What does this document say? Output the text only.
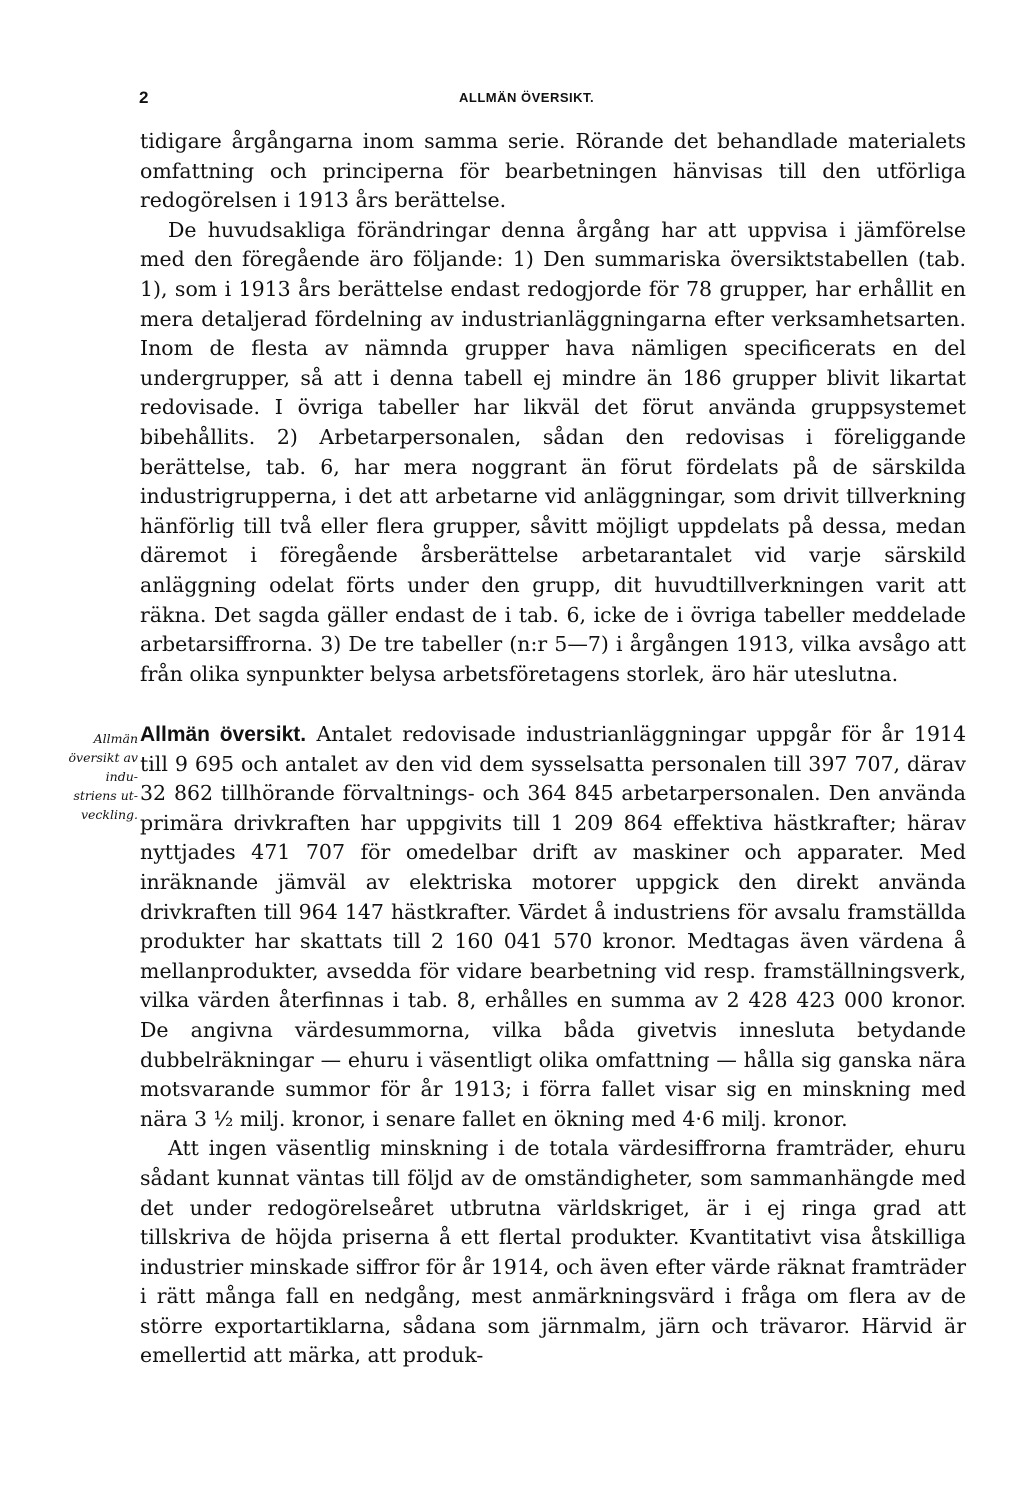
2	ALLMÄN ÖVERSIKT.

tidigare årgångarna inom samma serie. Rörande det behandlade materialets omfattning och principerna för bearbetningen hänvisas till den utförliga redogörelsen i 1913 års berättelse.

De huvudsakliga förändringar denna årgång har att uppvisa i jämförelse med den föregående äro följande: 1) Den summariska översiktstabellen (tab. 1), som i 1913 års berättelse endast redogjorde för 78 grupper, har erhållit en mera detaljerad fördelning av industrianläggningarna efter verksamhetsarten. Inom de flesta av nämnda grupper hava nämligen specificerats en del undergrupper, så att i denna tabell ej mindre än 186 grupper blivit likartat redovisade. I övriga tabeller har likväl det förut använda gruppsystemet bibehållits. 2) Arbetarpersonalen, sådan den redovisas i föreliggande berättelse, tab. 6, har mera noggrant än förut fördelats på de särskilda industrigrupperna, i det att arbetarne vid anläggningar, som drivit tillverkning hänförlig till två eller flera grupper, såvitt möjligt uppdelats på dessa, medan däremot i föregående årsberättelse arbetarantalet vid varje särskild anläggning odelat förts under den grupp, dit huvudtillverkningen varit att räkna. Det sagda gäller endast de i tab. 6, icke de i övriga tabeller meddelade arbetarsiffrorna. 3) De tre tabeller (n:r 5—7) i årgången 1913, vilka avsågo att från olika synpunkter belysa arbetsföretagens storlek, äro här uteslutna.

Allmän
översikt av
indu-
striens ut-
veckling.

Allmän översikt. Antalet redovisade industrianläggningar uppgår för år 1914 till 9 695 och antalet av den vid dem sysselsatta personalen till 397 707, därav 32 862 tillhörande förvaltnings- och 364 845 arbetarpersonalen. Den använda primära drivkraften har uppgivits till 1 209 864 effektiva hästkrafter; härav nyttjades 471 707 för omedelbar drift av maskiner och apparater. Med inräknande jämväl av elektriska motorer uppgick den direkt använda drivkraften till 964 147 hästkrafter. Värdet å industriens för avsalu framställda produkter har skattats till 2 160 041 570 kronor. Medtagas även värdena å mellanprodukter, avsedda för vidare bearbetning vid resp. framställningsverk, vilka värden återfinnas i tab. 8, erhålles en summa av 2 428 423 000 kronor. De angivna värdesummorna, vilka båda givetvis innesluta betydande dubbelräkningar — ehuru i väsentligt olika omfattning — hålla sig ganska nära motsvarande summor för år 1913; i förra fallet visar sig en minskning med nära 3 ½ milj. kronor, i senare fallet en ökning med 4·6 milj. kronor.

Att ingen väsentlig minskning i de totala värdesiffrorna framträder, ehuru sådant kunnat väntas till följd av de omständigheter, som sammanhängde med det under redogörelseåret utbrutna världskriget, är i ej ringa grad att tillskriva de höjda priserna å ett flertal produkter. Kvantitativt visa åtskilliga industrier minskade siffror för år 1914, och även efter värde räknat framträder i rätt många fall en nedgång, mest anmärkningsvärd i fråga om flera av de större exportartiklarna, sådana som järnmalm, järn och trävaror. Härvid är emellertid att märka, att produk-
